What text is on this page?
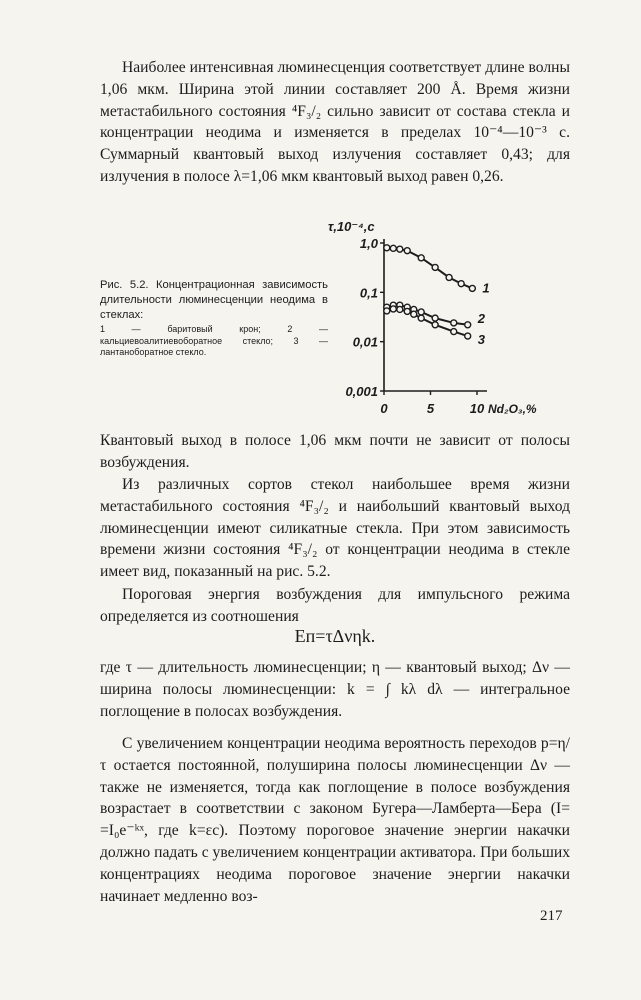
Наиболее интенсивная люминесценция соответствует длине волны 1,06 мкм. Ширина этой линии составляет 200 Å. Время жизни метастабильного состояния ⁴F₃/₂ сильно зависит от состава стекла и концентрации неодима и изменяется в пределах 10⁻⁴—10⁻³ с. Суммарный квантовый выход излучения составляет 0,43; для излучения в полосе λ=1,06 мкм квантовый выход равен 0,26.

1,0
0,1
0,01
0,001
0	5	10
τ,10⁻⁴,с
Nd₂O₃,%
1
2
3
Рис. 5.2. Концентрационная зависимость длительности люминесценции неодима в стеклах:
1 — баритовый крон; 2 — кальциевоалитиевоборатное стекло; 3 — лантаноборатное стекло.

Квантовый выход в полосе 1,06 мкм почти не зависит от полосы возбуждения.

Из различных сортов стекол наибольшее время жизни метастабильного состояния ⁴F₃/₂ и наибольший квантовый выход люминесценции имеют силикатные стекла. При этом зависимость времени жизни состояния ⁴F₃/₂ от концентрации неодима в стекле имеет вид, показанный на рис. 5.2.

Пороговая энергия возбуждения для импульсного режима определяется из соотношения

Eп=τΔνηk.

где τ — длительность люминесценции; η — квантовый выход; Δν — ширина полосы люминесценции: k = ∫ kλ dλ — интегральное поглощение в полосах возбуждения.

С увеличением концентрации неодима вероятность переходов p=η/τ остается постоянной, полуширина полосы люминесценции Δν — также не изменяется, тогда как поглощение в полосе возбуждения возрастает в соответствии с законом Бугера—Ламберта—Бера (I= =I₀e⁻ᵏˣ, где k=εc). Поэтому пороговое значение энергии накачки должно падать с увеличением концентрации активатора. При больших концентрациях неодима пороговое значение энергии накачки начинает медленно воз-

217
